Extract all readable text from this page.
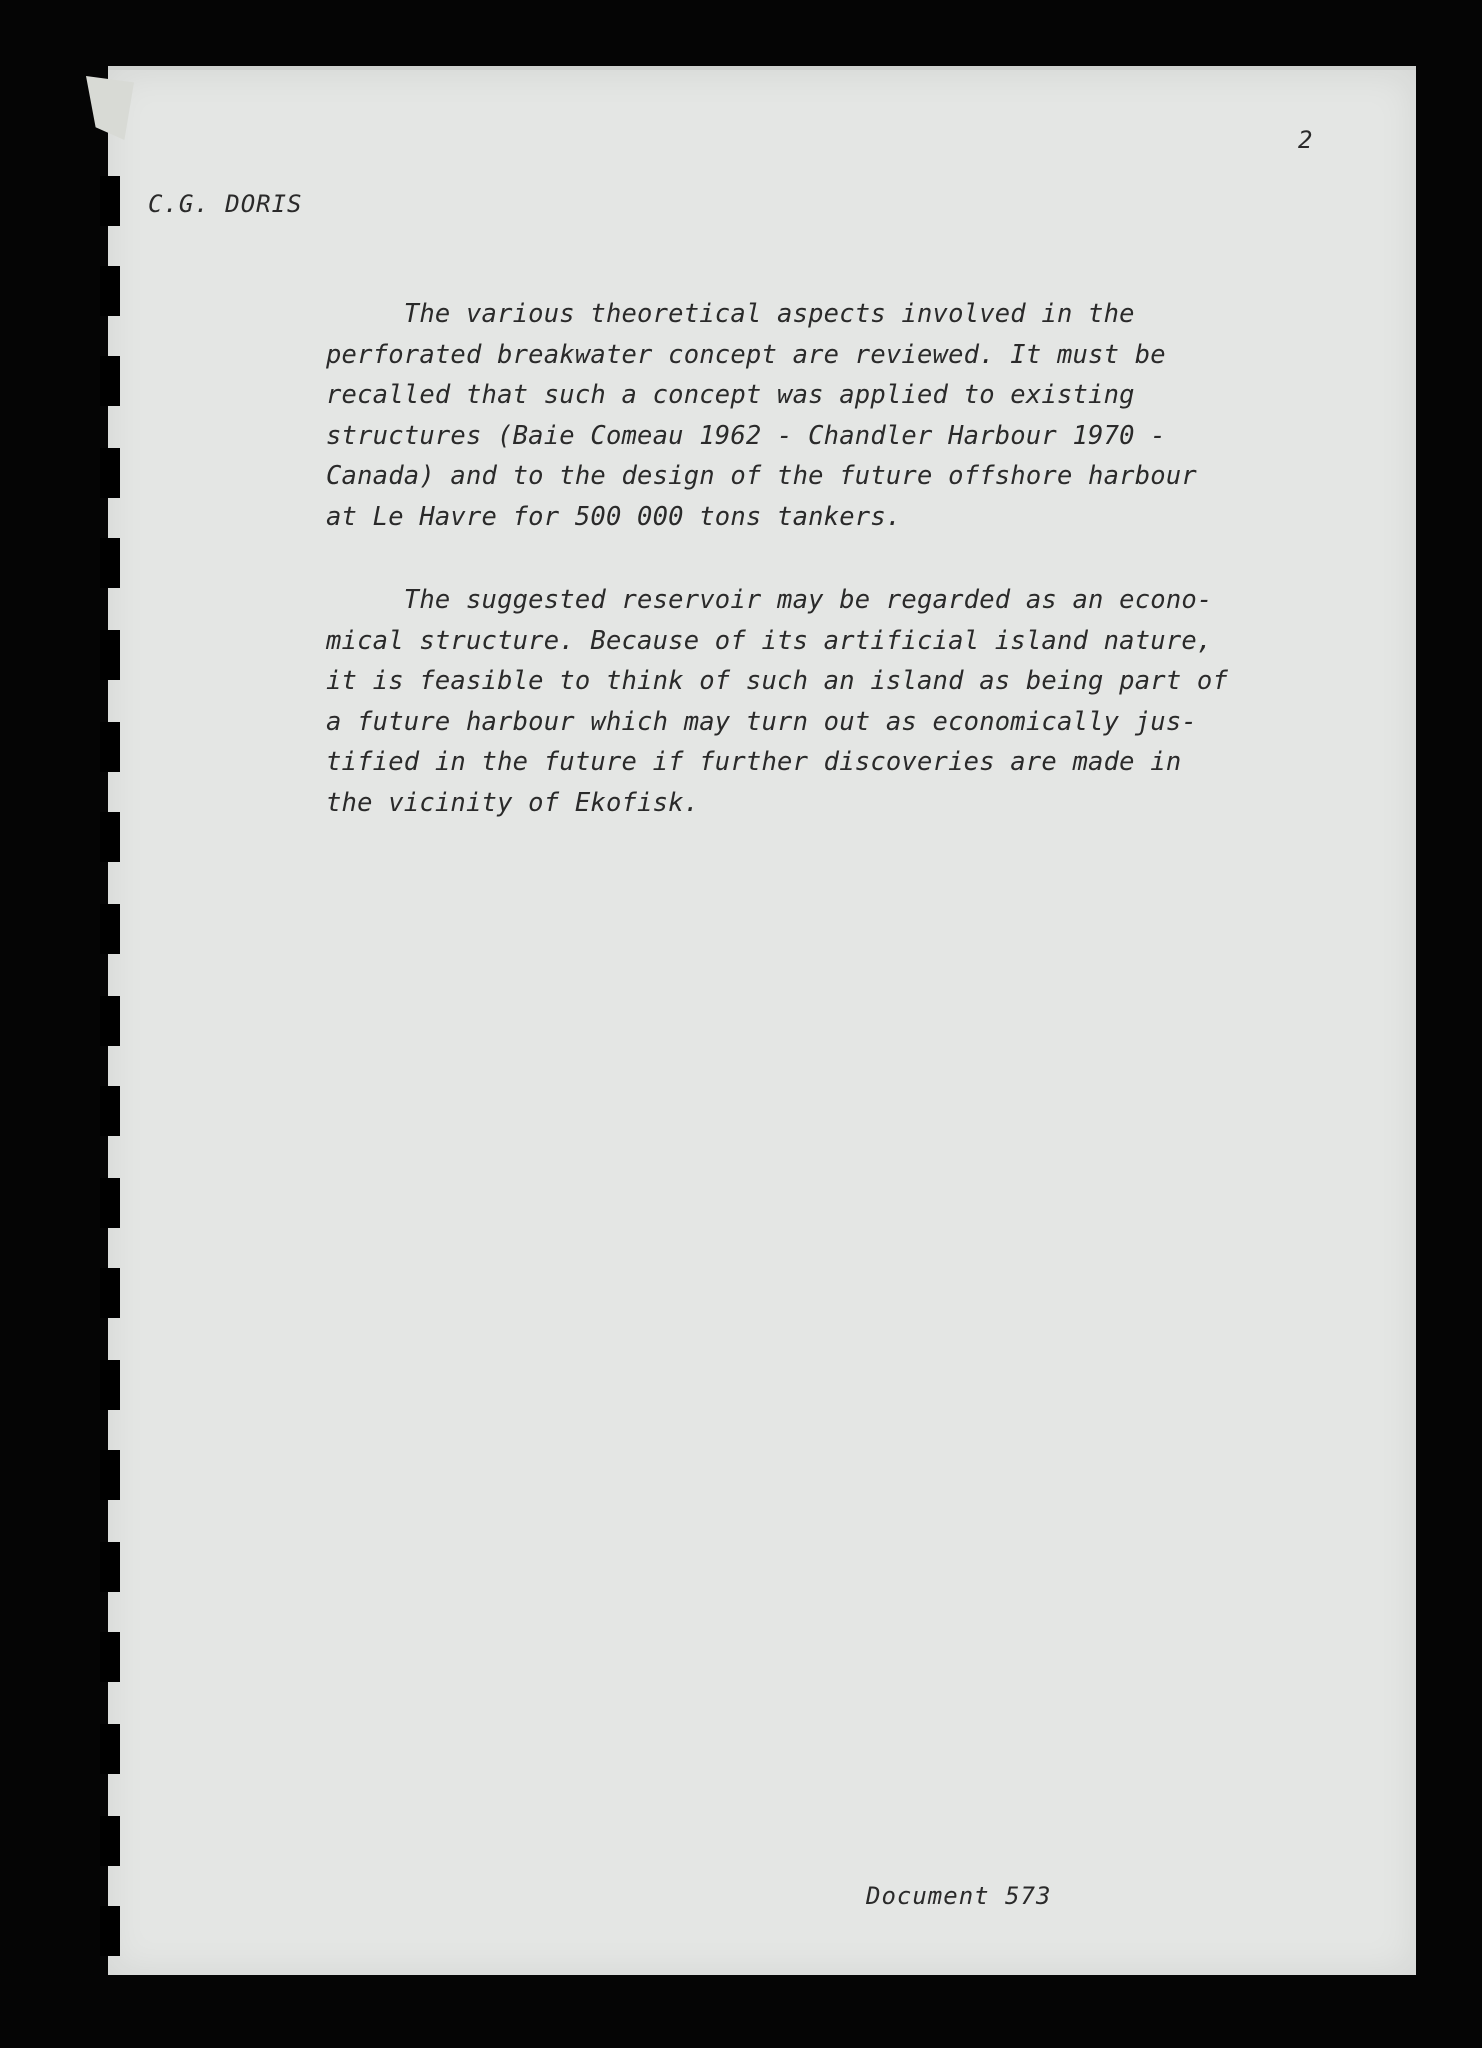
2
C.G. DORIS

The various theoretical aspects involved in the
perforated breakwater concept are reviewed. It must be
recalled that such a concept was applied to existing
structures (Baie Comeau 1962 - Chandler Harbour 1970 -
Canada) and to the design of the future offshore harbour
at Le Havre for 500 000 tons tankers.

The suggested reservoir may be regarded as an econo-
mical structure. Because of its artificial island nature,
it is feasible to think of such an island as being part of
a future harbour which may turn out as economically jus-
tified in the future if further discoveries are made in
the vicinity of Ekofisk.

Document 573
